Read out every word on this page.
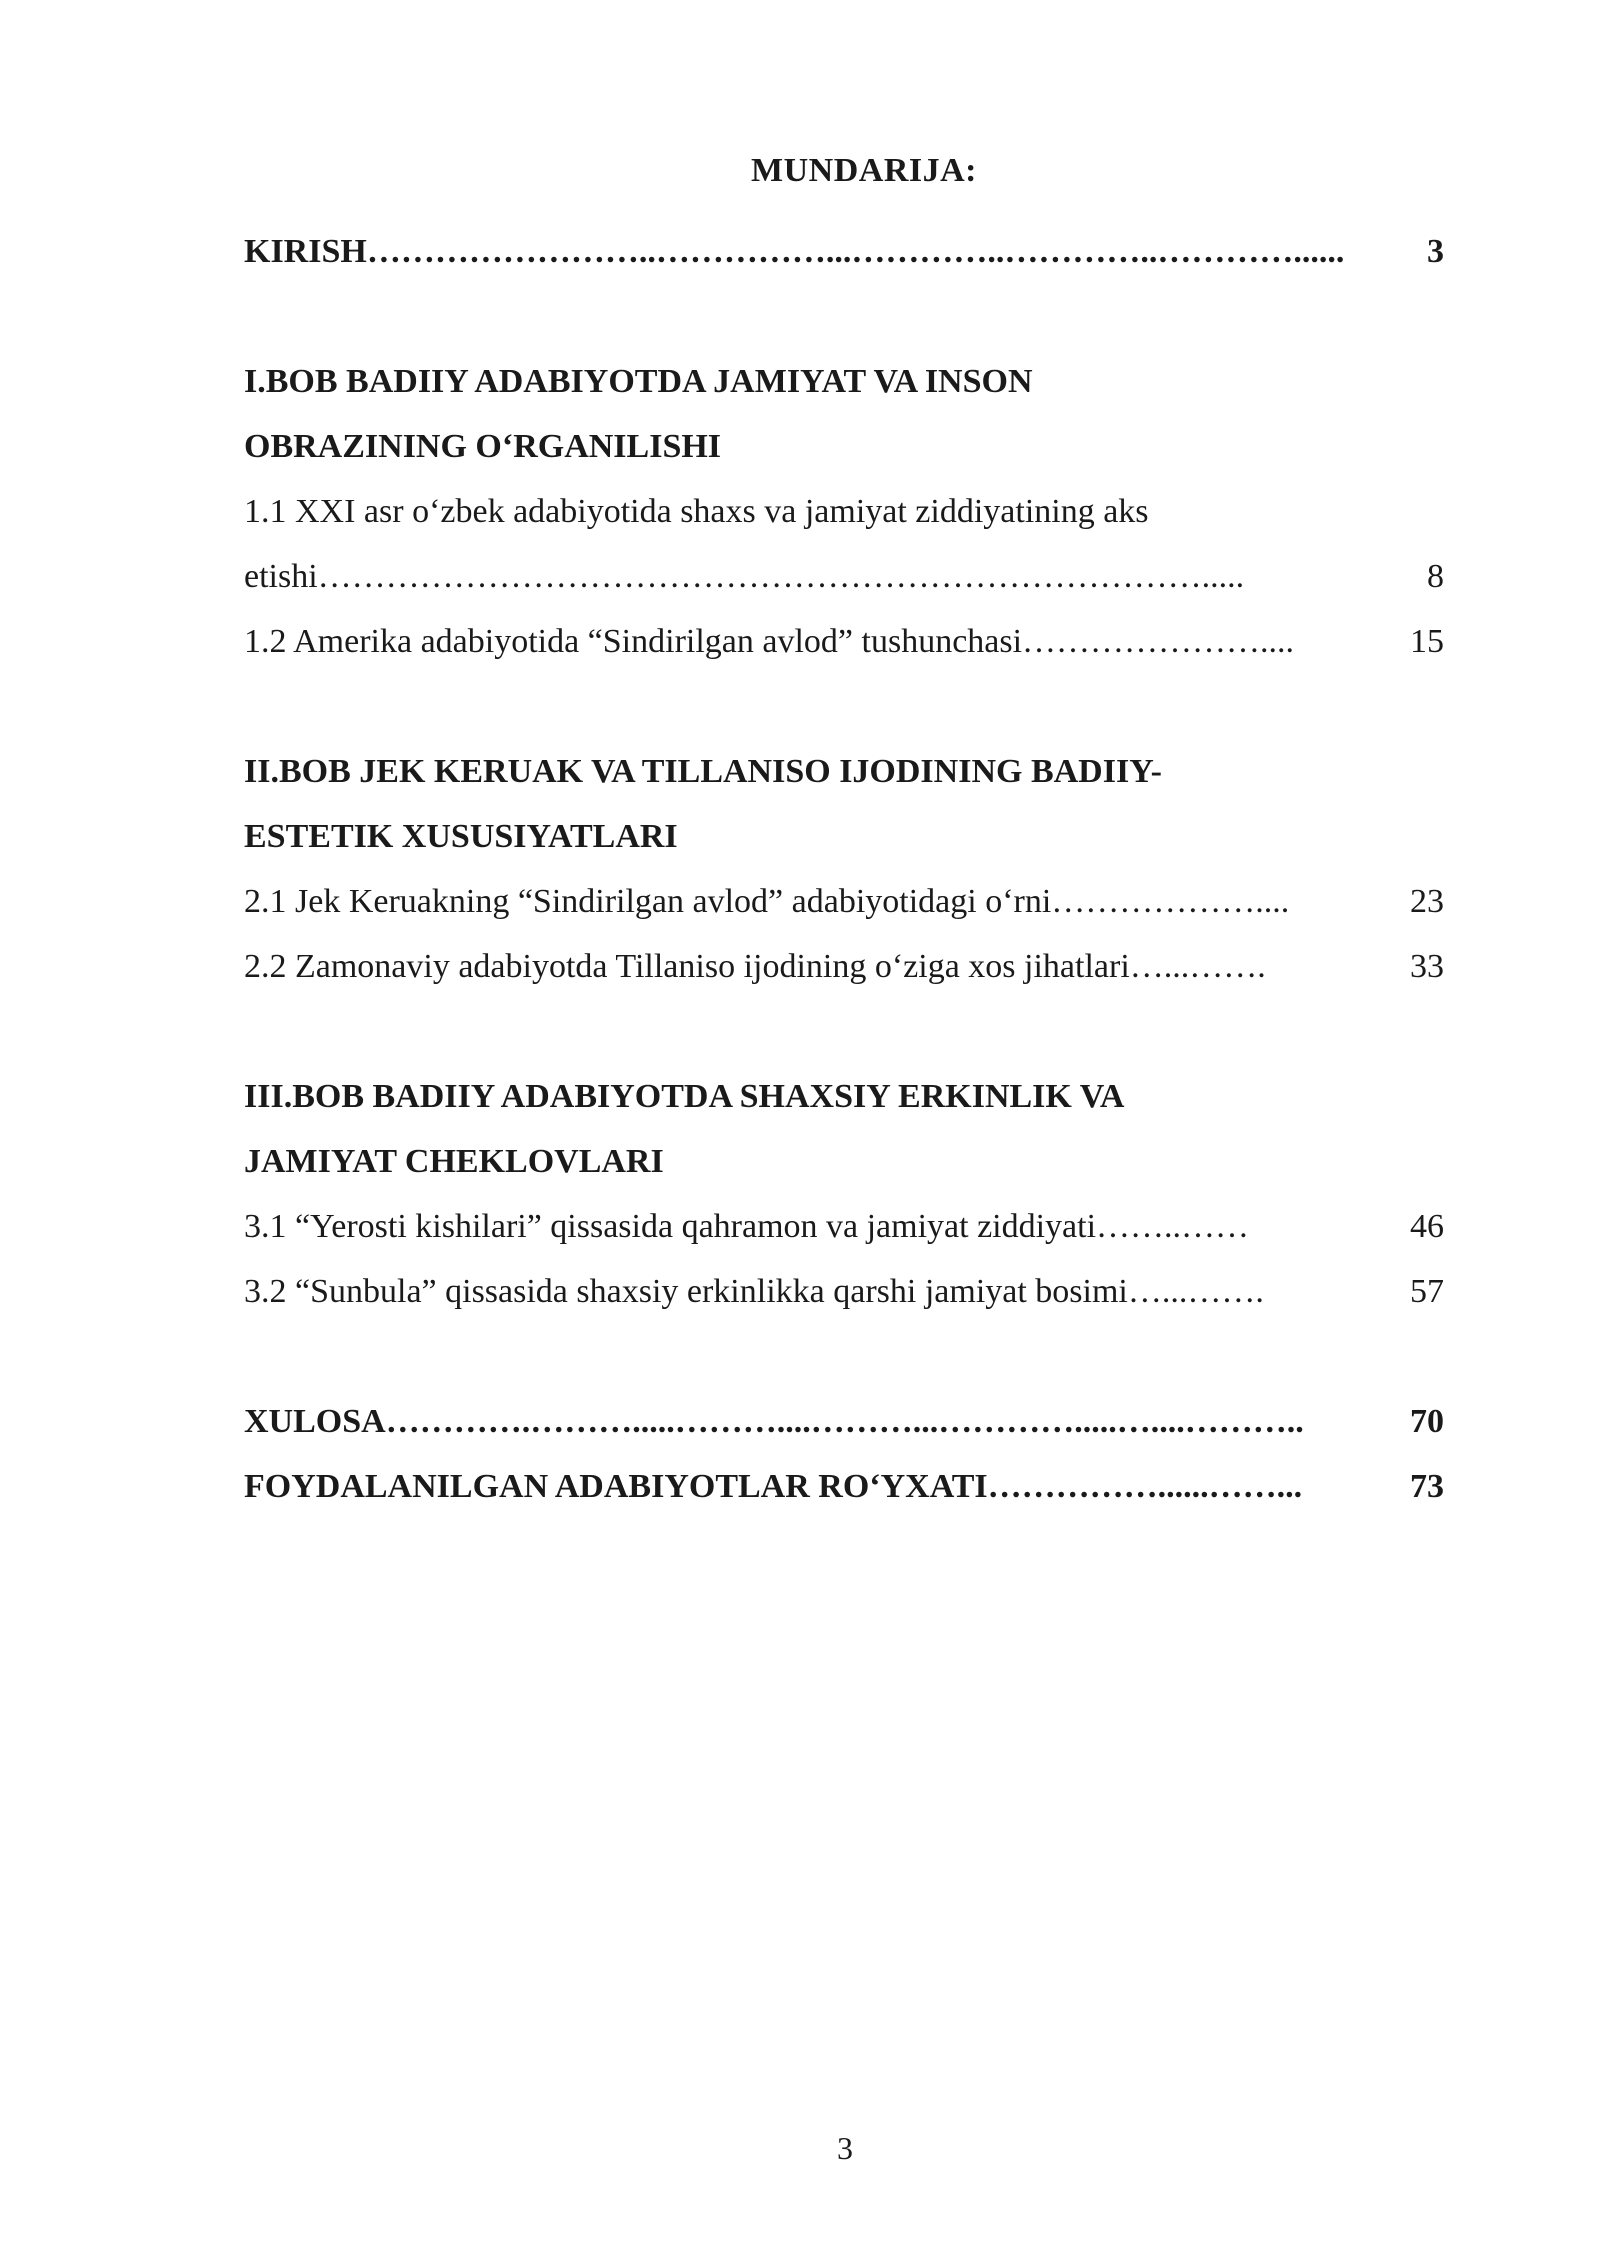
MUNDARIJA:
KIRISH……………………..……………...…………..…………..…………...... 3
I.BOB BADIIY ADABIYOTDA JAMIYAT VA INSON
OBRAZINING O‘RGANILISHI
1.1 XXI asr o‘zbek adabiyotida shaxs va jamiyat ziddiyatining aks
etishi…………………………………………………………………….....	8
1.2 Amerika adabiyotida “Sindirilgan avlod” tushunchasi…………………....	15
II.BOB JEK KERUAK VA TILLANISO IJODINING BADIIY-
ESTETIK XUSUSIYATLARI
2.1 Jek Keruakning “Sindirilgan avlod” adabiyotidagi o‘rni………………....	23
2.2 Zamonaviy adabiyotda Tillaniso ijodining o‘ziga xos jihatlari…...…….	33
III.BOB BADIIY ADABIYOTDA SHAXSIY ERKINLIK VA
JAMIYAT CHEKLOVLARI
3.1 “Yerosti kishilari” qissasida qahramon va jamiyat ziddiyati……..……	46
3.2 “Sunbula” qissasida shaxsiy erkinlikka qarshi jamiyat bosimi…...…….	57
XULOSA………….……….....………....………...………….....…....………..	70
FOYDALANILGAN ADABIYOTLAR RO‘YXATI……………......……...	73
3
